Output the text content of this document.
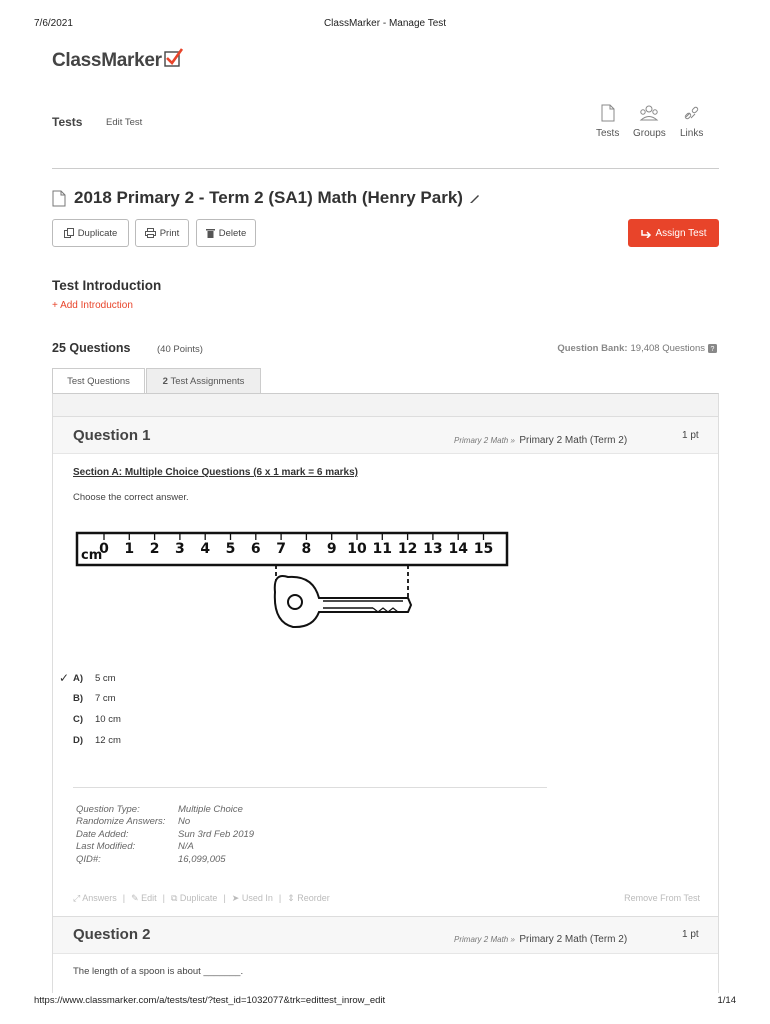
7/6/2021	ClassMarker - Manage Test
ClassMarker
Tests Edit Test
Tests Groups Links
2018 Primary 2 - Term 2 (SA1) Math (Henry Park)
Duplicate	Print	Delete	Assign Test
Test Introduction
+ Add Introduction
25 Questions	(40 Points)	Question Bank: 19,408 Questions ?
Test Questions	2
Test Assignments
Question 1	Primary 2 Math » Primary 2 Math (Term 2)	1 pt
Section A: Multiple Choice Questions (6 x 1 mark = 6 marks)
Choose the correct answer.
0 1 2 3 4 5 6 7 8 9 10 11 12 13 14 15
cm
✓ A)	5 cm
B)	7 cm
C)	10 cm
D)	12 cm
Question Type:	Multiple Choice
Randomize Answers:	No
Date Added:	Sun 3rd Feb 2019
Last Modified:	N/A
QID#:	16,099,005
⤢ Answers | ✎ Edit | ⧉ Duplicate | ➤ Used In | ⇕ Reorder	Remove From Test
Question 2	Primary 2 Math » Primary 2 Math (Term 2)	1 pt
The length of a spoon is about _______.
https://www.classmarker.com/a/tests/test/?test_id=1032077&trk=edittest_inrow_edit	1/14
